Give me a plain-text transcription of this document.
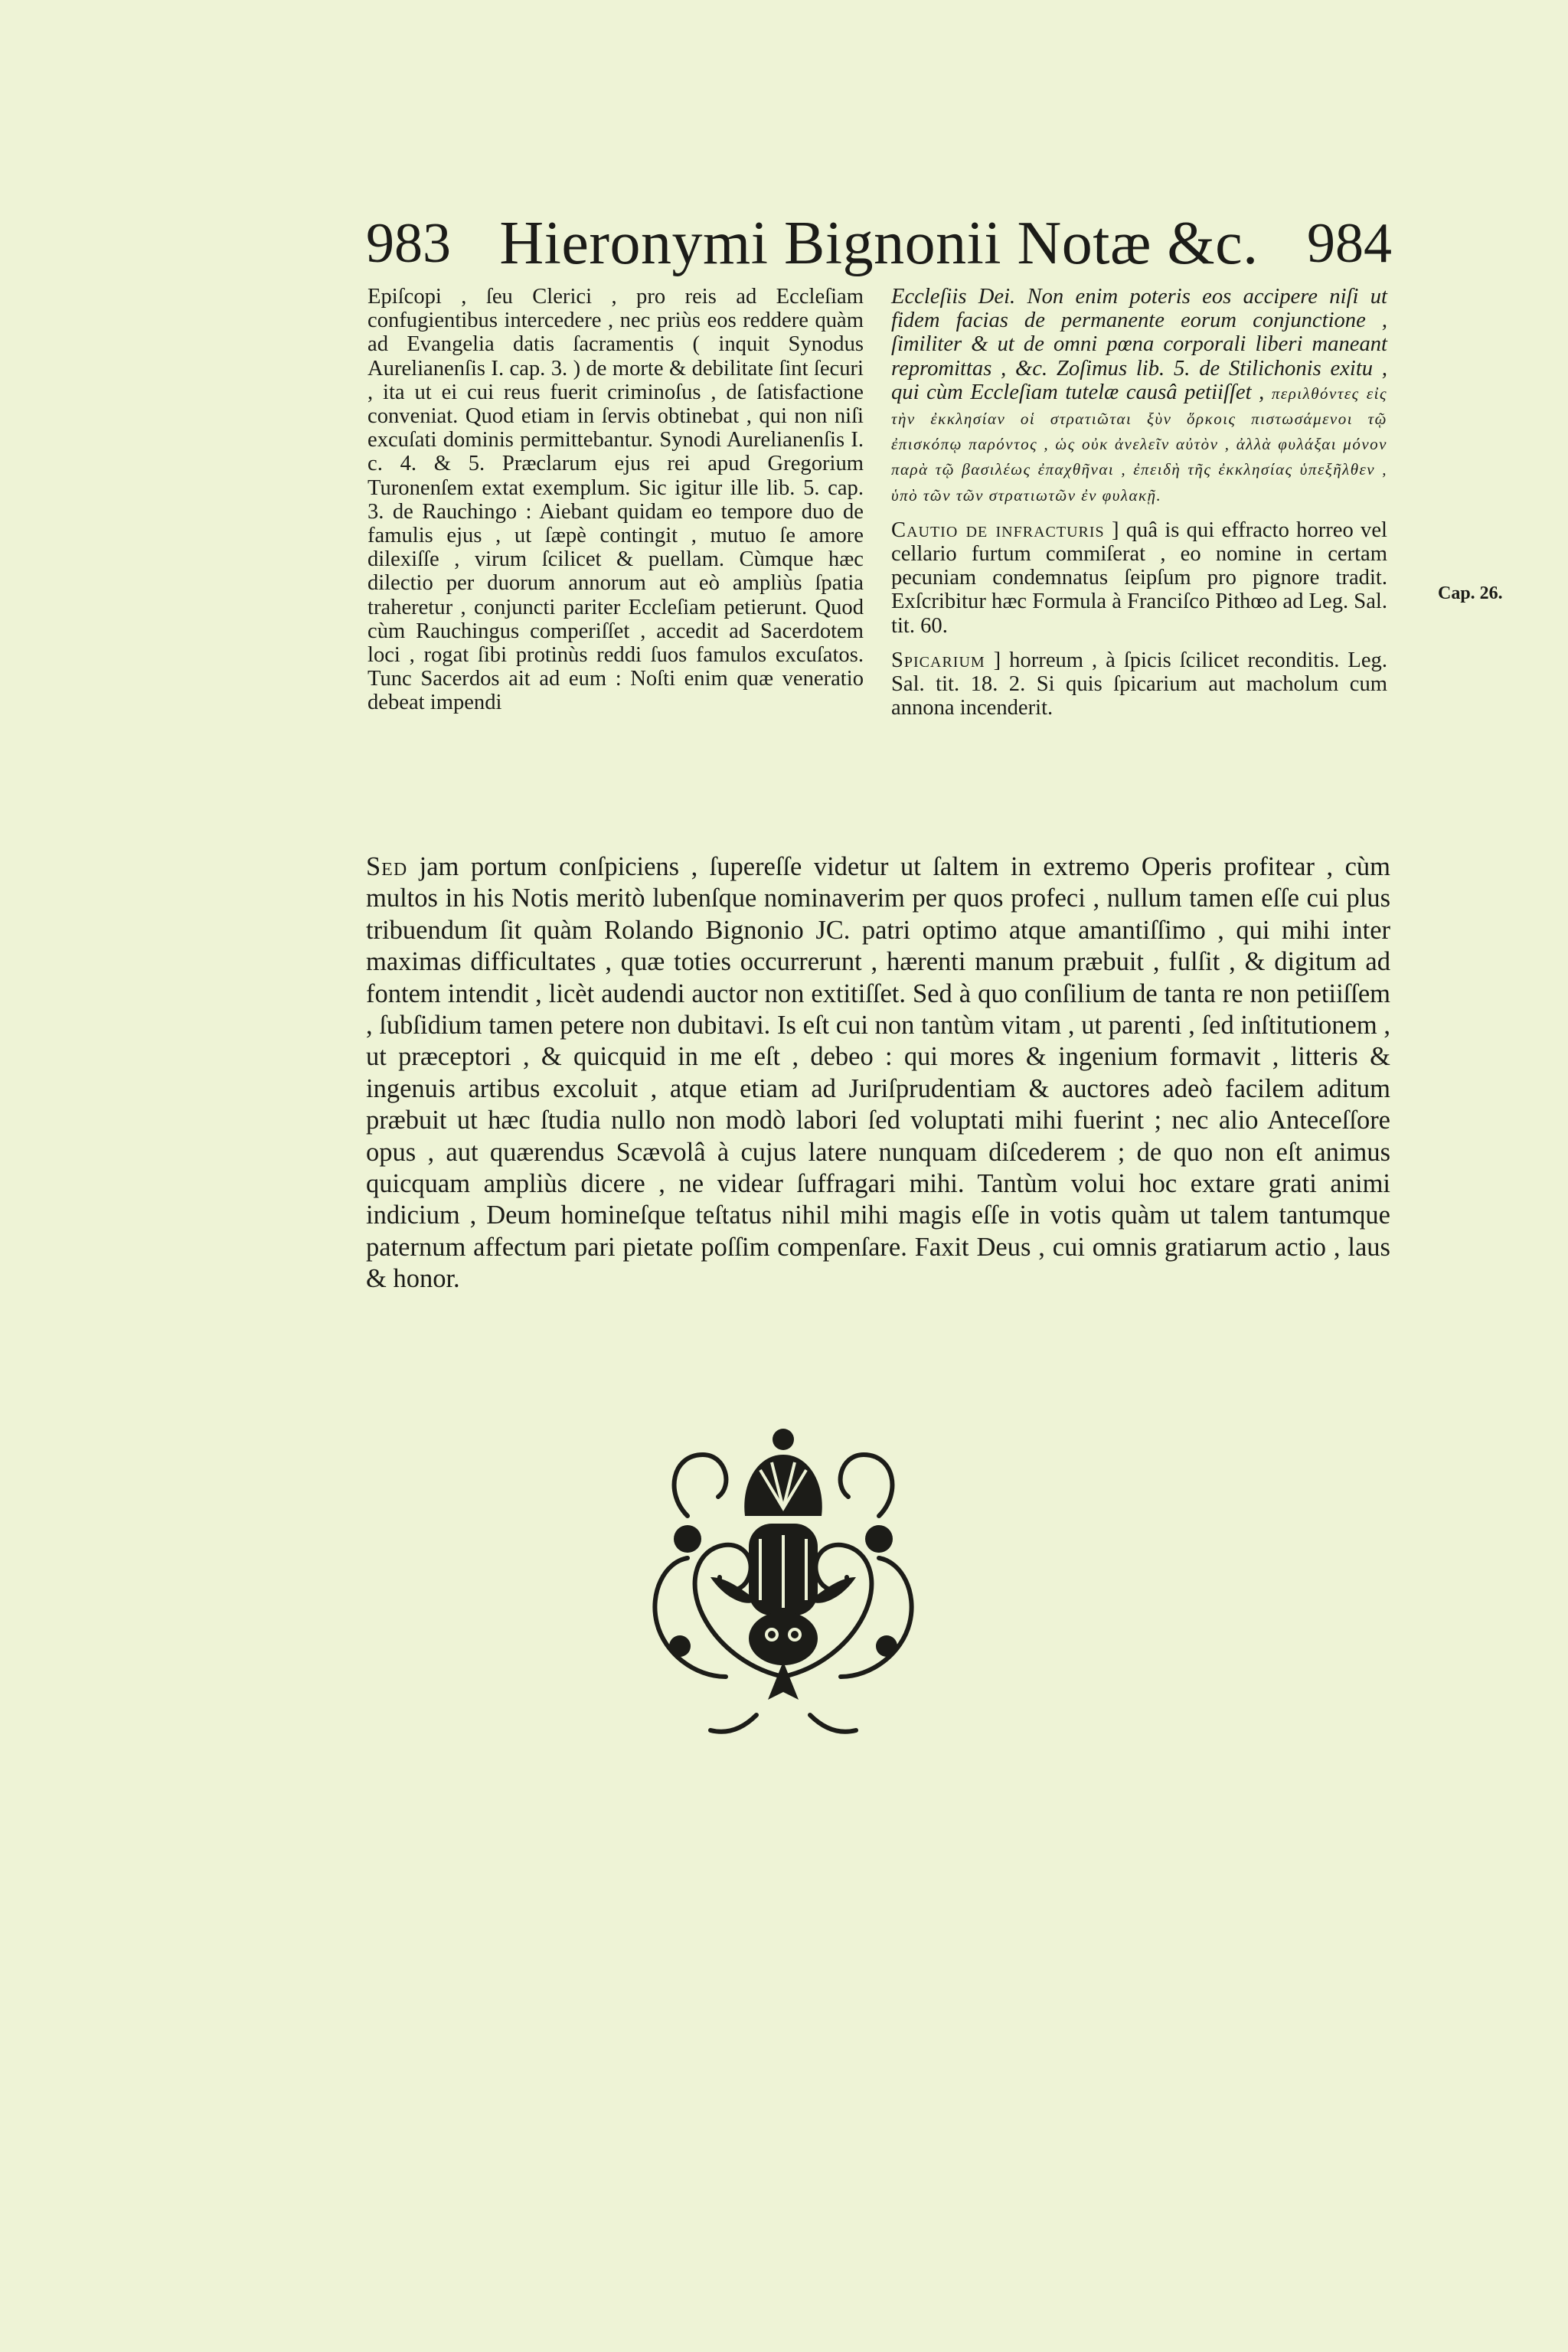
983 Hieronymi Bignonii Notæ &c. 984

Epiſcopi , ſeu Clerici , pro reis ad Eccleſiam confugientibus intercedere , nec priùs eos reddere quàm ad Evangelia datis ſacramentis ( inquit Synodus Aurelianenſis I. cap. 3. ) de morte & debilitate ſint ſecuri , ita ut ei cui reus fuerit criminoſus , de ſatisfactione conveniat. Quod etiam in ſervis obtinebat , qui non niſi excuſati dominis permittebantur. Synodi Aurelianenſis I. c. 4. & 5. Præclarum ejus rei apud Gregorium Turonenſem extat exemplum. Sic igitur ille lib. 5. cap. 3. de Rauchingo : Aiebant quidam eo tempore duo de famulis ejus , ut ſæpè contingit , mutuo ſe amore dilexiſſe , virum ſcilicet & puellam. Cùmque hæc dilectio per duorum annorum aut eò ampliùs ſpatia traheretur , conjuncti pariter Eccleſiam petierunt. Quod cùm Rauchingus comperiſſet , accedit ad Sacerdotem loci , rogat ſibi protinùs reddi ſuos famulos excuſatos. Tunc Sacerdos ait ad eum : Noſti enim quæ veneratio debeat impendi

Eccleſiis Dei. Non enim poteris eos accipere niſi ut fidem facias de permanente eorum conjunctione , ſimiliter & ut de omni pœna corporali liberi maneant repromittas , &c. Zoſimus lib. 5. de Stilichonis exitu , qui cùm Eccleſiam tutelæ causâ petiiſſet , περιλθόντες εἰς τὴν ἐκκλησίαν οἱ στρατιῶται ξὺν ὅρκοις πιστωσάμενοι τῷ ἐπισκόπῳ παρόντος , ὡς οὐκ ἀνελεῖν αὐτὸν , ἀλλὰ φυλάξαι μόνον παρὰ τῷ βασιλέως ἐπαχθῆναι , ἐπειδὴ τῆς ἐκκλησίας ὑπεξῆλθεν , ὑπὸ τῶν τῶν στρατιωτῶν ἐν φυλακῇ.

Cautio de infracturis ] quâ is qui effracto horreo vel cellario furtum commiſerat , eo nomine in certam pecuniam condemnatus ſeipſum pro pignore tradit. Exſcribitur hæc Formula à Franciſco Pithœo ad Leg. Sal. tit. 60.

Spicarium ] horreum , à ſpicis ſcilicet reconditis. Leg. Sal. tit. 18. 2. Si quis ſpicarium aut macholum cum annona incenderit.

Cap. 26.

Sed jam portum conſpiciens , ſupereſſe videtur ut ſaltem in extremo Operis profitear , cùm multos in his Notis meritò lubenſque nominaverim per quos profeci , nullum tamen eſſe cui plus tribuendum ſit quàm Rolando Bignonio JC. patri optimo atque amantiſſimo , qui mihi inter maximas difficultates , quæ toties occurrerunt , hærenti manum præbuit , fulſit , & digitum ad fontem intendit , licèt audendi auctor non extitiſſet. Sed à quo conſilium de tanta re non petiiſſem , ſubſidium tamen petere non dubitavi. Is eſt cui non tantùm vitam , ut parenti , ſed inſtitutionem , ut præceptori , & quicquid in me eſt , debeo : qui mores & ingenium formavit , litteris & ingenuis artibus excoluit , atque etiam ad Juriſprudentiam & auctores adeò facilem aditum præbuit ut hæc ſtudia nullo non modò labori ſed voluptati mihi fuerint ; nec alio Anteceſſore opus , aut quærendus Scævolâ à cujus latere nunquam diſcederem ; de quo non eſt animus quicquam ampliùs dicere , ne videar ſuffragari mihi. Tantùm volui hoc extare grati animi indicium , Deum hominеſque teſtatus nihil mihi magis eſſe in votis quàm ut talem tantumque paternum affectum pari pietate poſſim compenſare. Faxit Deus , cui omnis gratiarum actio , laus & honor.
